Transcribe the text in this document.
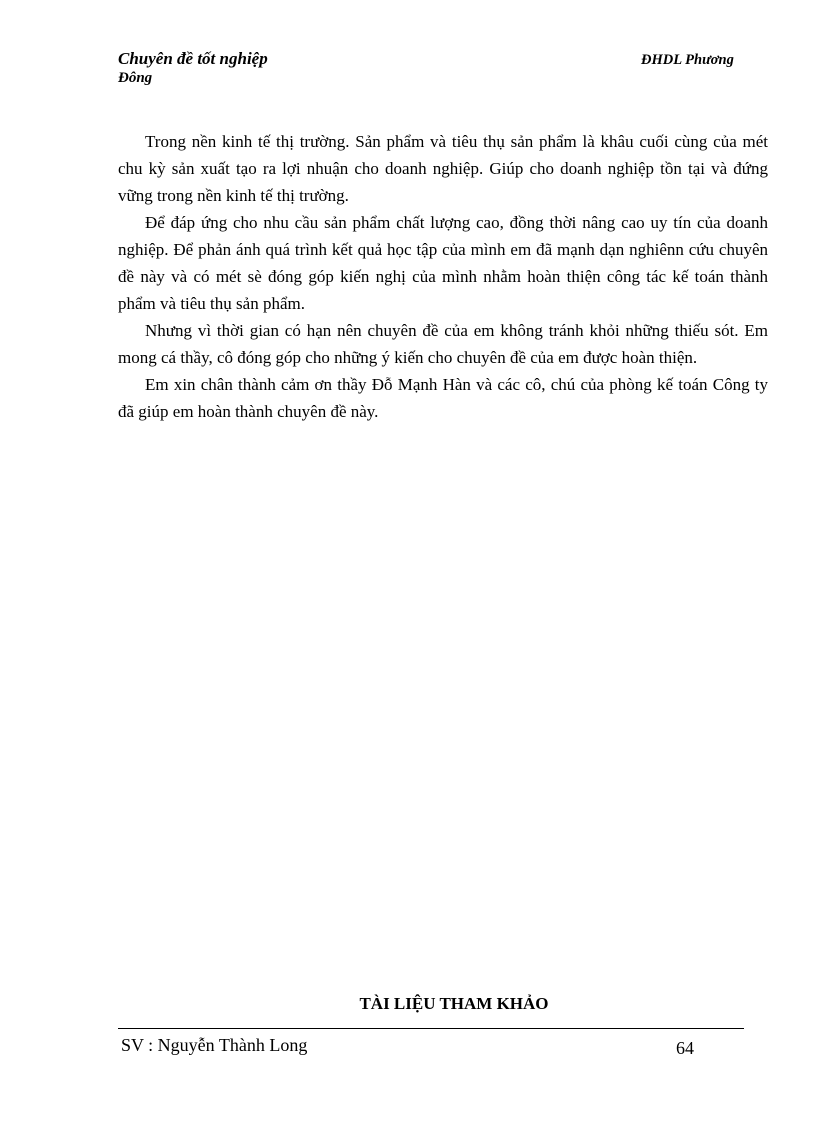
Chuyên đề tốt nghiệp
Đông
ĐHDL Phương

Trong nền kinh tế thị trường. Sản phẩm và tiêu thụ sản phẩm là khâu cuối cùng của mét chu kỳ sản xuất tạo ra lợi nhuận cho doanh nghiệp. Giúp cho doanh nghiệp tồn tại và đứng vững trong nền kinh tế thị trường.

Để đáp ứng cho nhu cầu sản phẩm chất lượng cao, đồng thời nâng cao uy tín của doanh nghiệp. Để phản ánh quá trình kết quả học tập của mình em đã mạnh dạn nghiênn cứu chuyên đề này và có mét sè đóng góp kiến nghị của mình nhằm hoàn thiện công tác kế toán thành phẩm và tiêu thụ sản phẩm.

Nhưng vì thời gian có hạn nên chuyên đề của em không tránh khỏi những thiếu sót. Em mong cá thầy, cô đóng góp cho những ý kiến cho chuyên đề của em được hoàn thiện.

Em xin chân thành cảm ơn thầy Đỗ Mạnh Hàn và các cô, chú của phòng kế toán Công ty đã giúp em hoàn thành chuyên đề này.

TÀI LIỆU THAM KHẢO
SV : Nguyễn Thành Long	64
